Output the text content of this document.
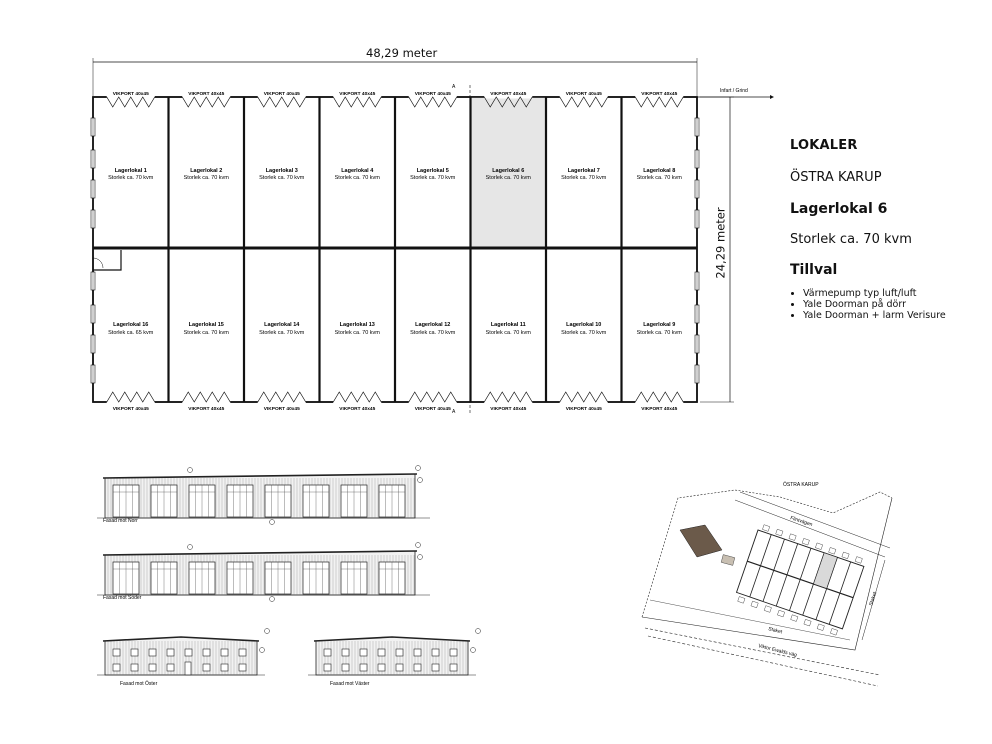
VIKPORT 40x45
VIKPORT 40x45
VIKPORT 40x45
VIKPORT 40x45
VIKPORT 40x45
VIKPORT 40x45
VIKPORT 40x45
VIKPORT 40x45
VIKPORT 40x45
VIKPORT 40x45
VIKPORT 40x45
VIKPORT 40x45
VIKPORT 40x45
VIKPORT 40x45
VIKPORT 40x45
VIKPORT 40x45
Lagerlokal 1
Storlek ca. 70 kvm
Lagerlokal 2
Storlek ca. 70 kvm
Lagerlokal 3
Storlek ca. 70 kvm
Lagerlokal 4
Storlek ca. 70 kvm
Lagerlokal 5
Storlek ca. 70 kvm
Lagerlokal 6
Storlek ca. 70 kvm
Lagerlokal 7
Storlek ca. 70 kvm
Lagerlokal 8
Storlek ca. 70 kvm
Lagerlokal 16
Storlek ca. 65 kvm
Lagerlokal 15
Storlek ca. 70 kvm
Lagerlokal 14
Storlek ca. 70 kvm
Lagerlokal 13
Storlek ca. 70 kvm
Lagerlokal 12
Storlek ca. 70 kvm
Lagerlokal 11
Storlek ca. 70 kvm
Lagerlokal 10
Storlek ca. 70 kvm
Lagerlokal 9
Storlek ca. 70 kvm
A
A
Infart / Grind
48,29 meter
24,29 meter
LOKALER
ÖSTRA KARUP
Lagerlokal 6
Storlek ca. 70 kvm
Tillval
• Värmepump typ luft/luft
• Yale Doorman på dörr
• Yale Doorman + larm Verisure
Fasad mot Norr
Fasad mot Söder
Fasad mot Öster	Fasad mot Väster
ÖSTRA KARUP
Flintvägen
Viktor Ewalds väg
Staket
Staket
